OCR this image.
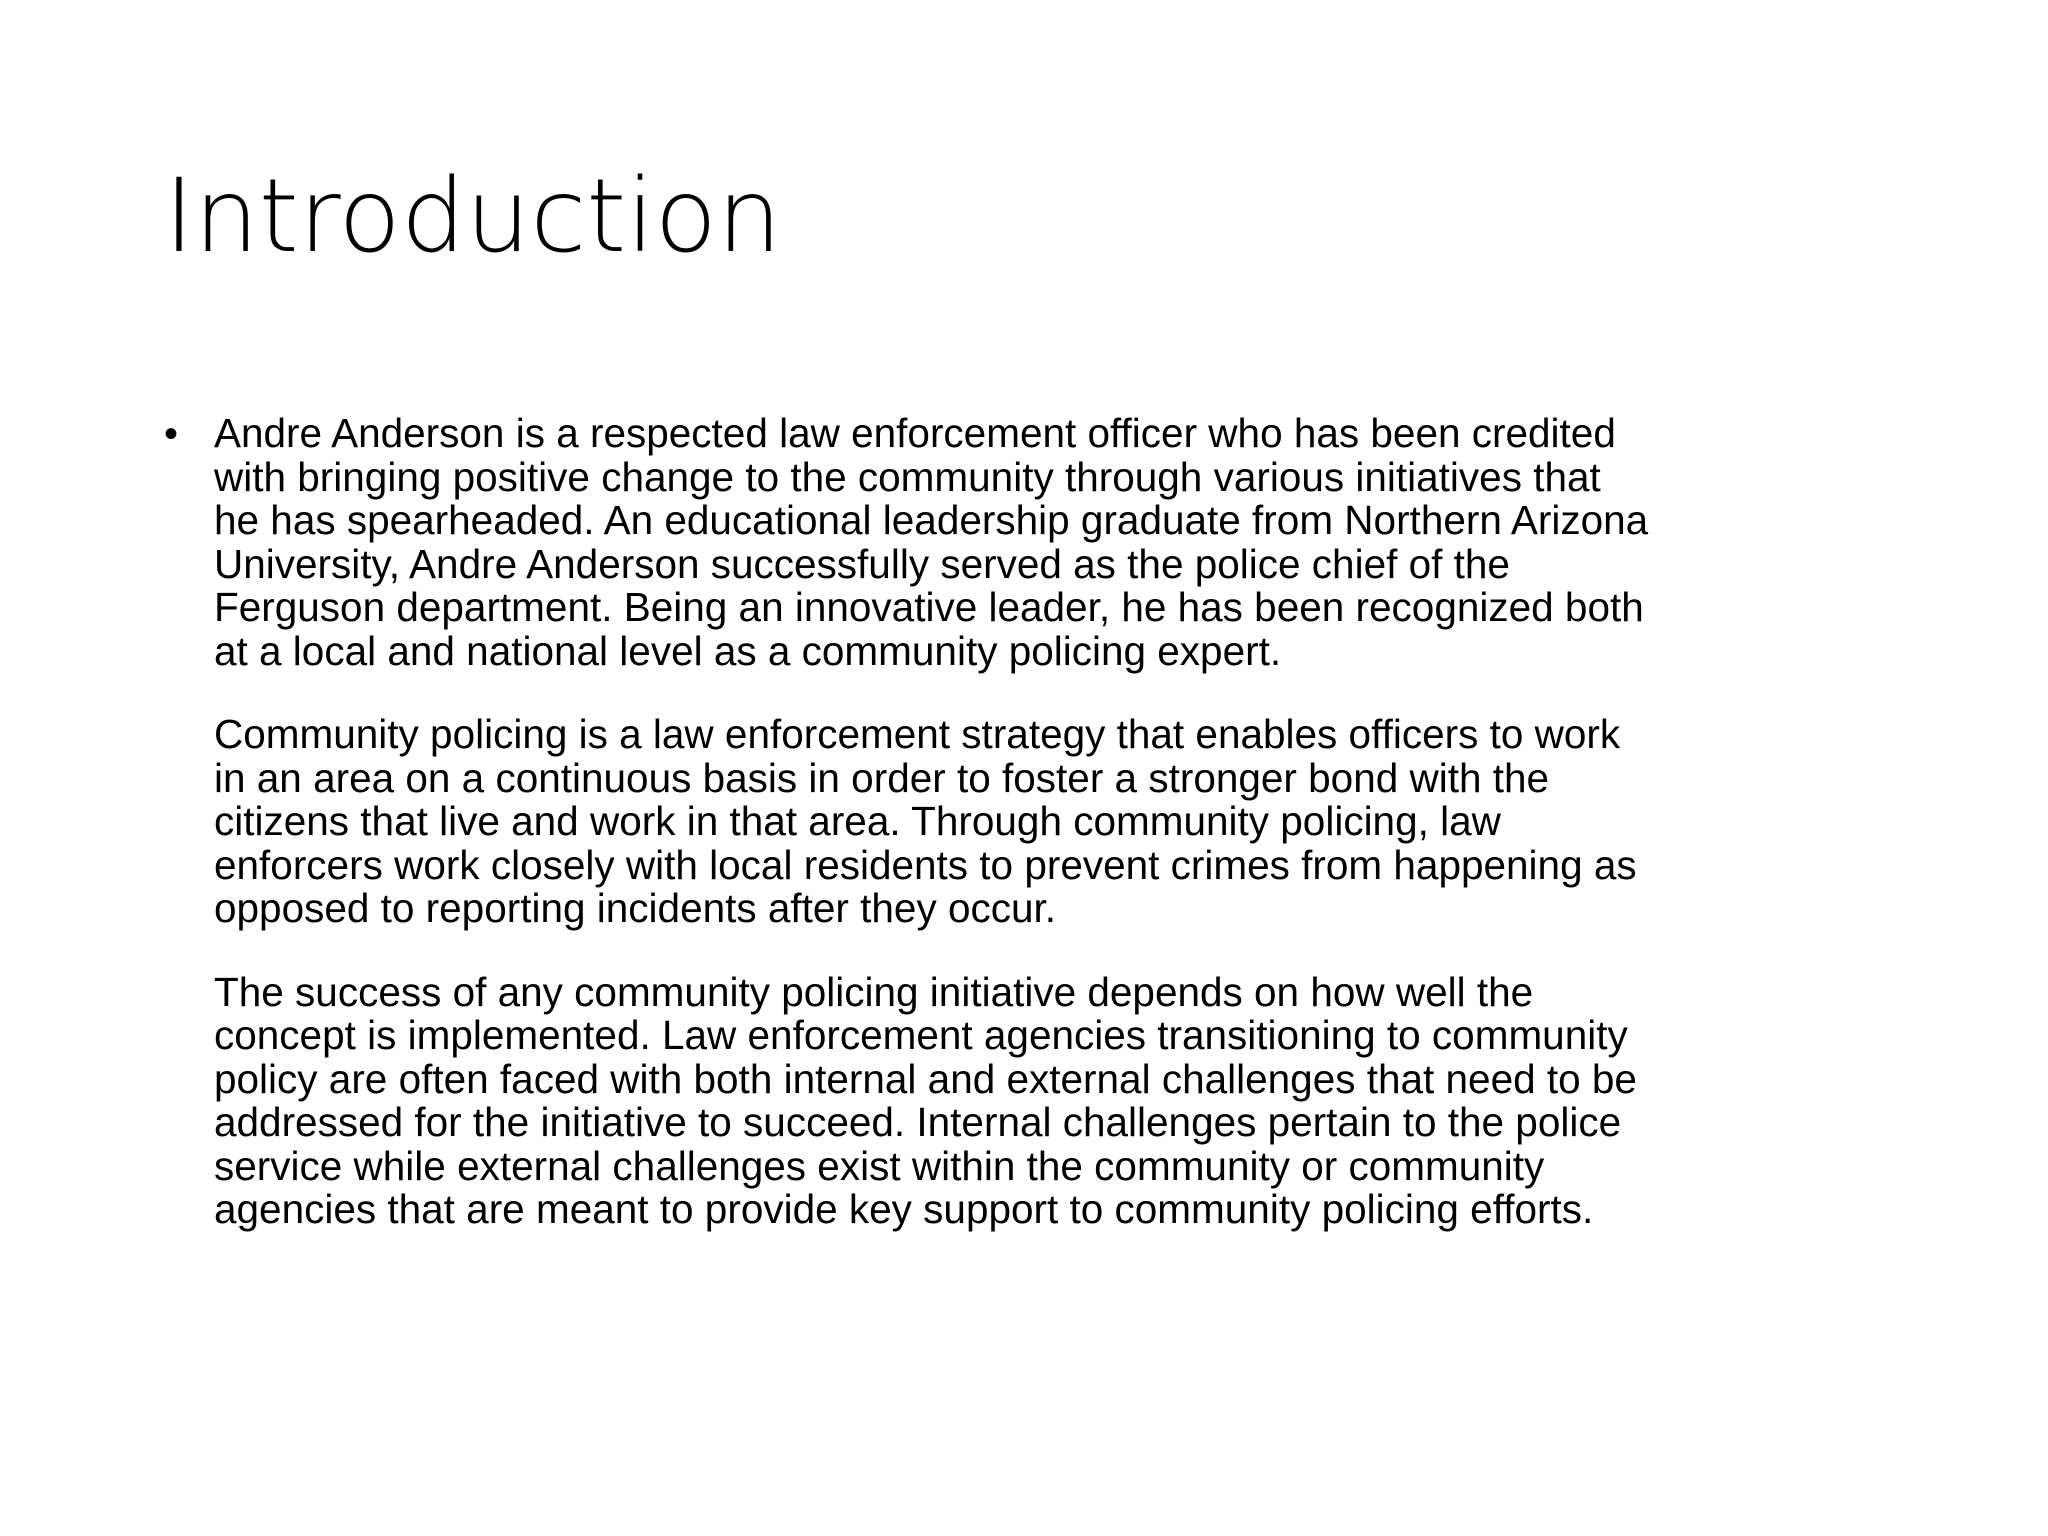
Introduction
• Andre Anderson is a respected law enforcement officer who has been credited
with bringing positive change to the community through various initiatives that
he has spearheaded. An educational leadership graduate from Northern Arizona
University, Andre Anderson successfully served as the police chief of the
Ferguson department. Being an innovative leader, he has been recognized both
at a local and national level as a community policing expert.

Community policing is a law enforcement strategy that enables officers to work
in an area on a continuous basis in order to foster a stronger bond with the
citizens that live and work in that area. Through community policing, law
enforcers work closely with local residents to prevent crimes from happening as
opposed to reporting incidents after they occur.

The success of any community policing initiative depends on how well the
concept is implemented. Law enforcement agencies transitioning to community
policy are often faced with both internal and external challenges that need to be
addressed for the initiative to succeed. Internal challenges pertain to the police
service while external challenges exist within the community or community
agencies that are meant to provide key support to community policing efforts.
